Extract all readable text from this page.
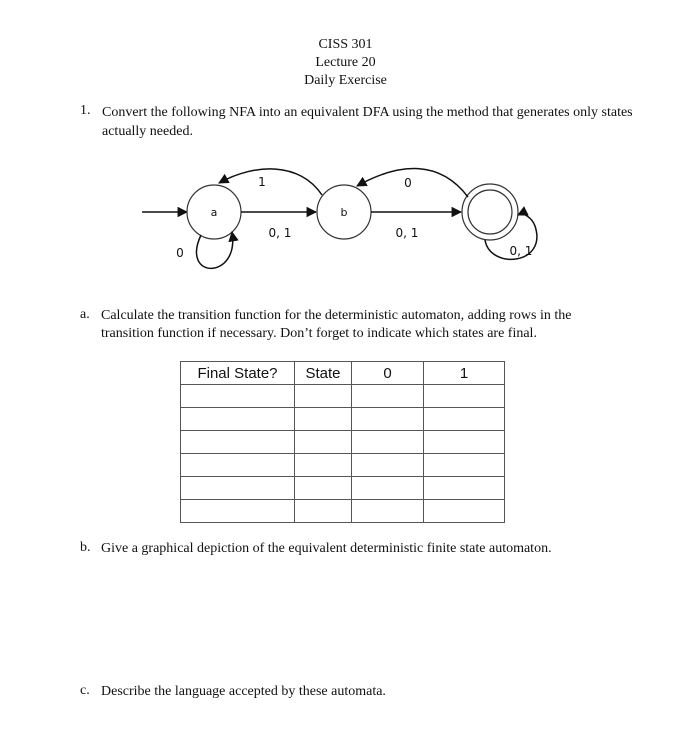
CISS 301
Lecture 20
Daily Exercise
1. Convert the following NFA into an equivalent DFA using the method that generates only states actually needed.
a	b
0, 1
1
0, 1
0
0	0, 1
a. Calculate the transition function for the deterministic automaton, adding rows in the transition function if necessary. Don’t forget to indicate which states are final.
Final State?	State	0	1

b. Give a graphical depiction of the equivalent deterministic finite state automaton.
c. Describe the language accepted by these automata.
